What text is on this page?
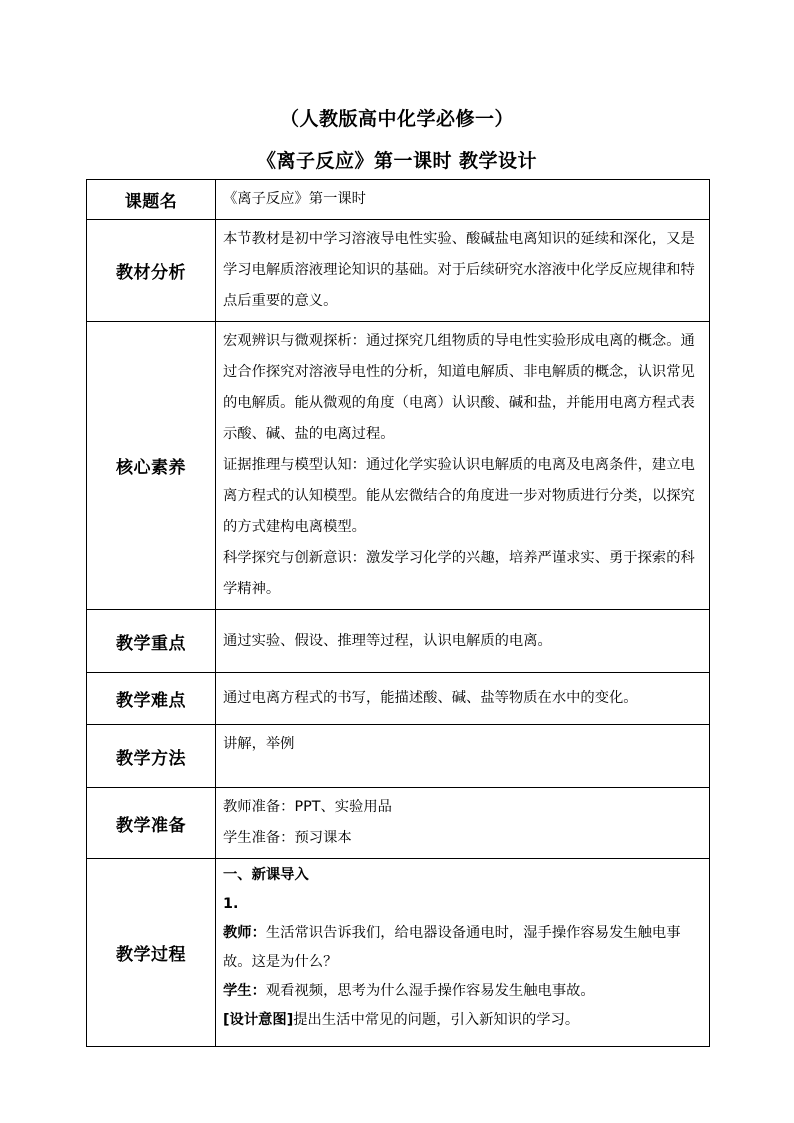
（人教版高中化学必修一）
《离子反应》第一课时 教学设计
课题名	《离子反应》第一课时

教材分析	本节教材是初中学习溶液导电性实验、酸碱盐电离知识的延续和深化，又是学习电解质溶液理论知识的基础。对于后续研究水溶液中化学反应规律和特点后重要的意义。

核心素养	宏观辨识与微观探析：通过探究几组物质的导电性实验形成电离的概念。通过合作探究对溶液导电性的分析，知道电解质、非电解质的概念，认识常见的电解质。能从微观的角度（电离）认识酸、碱和盐，并能用电离方程式表示酸、碱、盐的电离过程。

证据推理与模型认知：通过化学实验认识电解质的电离及电离条件，建立电离方程式的认知模型。能从宏微结合的角度进一步对物质进行分类，以探究的方式建构电离模型。

科学探究与创新意识：激发学习化学的兴趣，培养严谨求实、勇于探索的科学精神。

教学重点	通过实验、假设、推理等过程，认识电解质的电离。

教学难点	通过电离方程式的书写，能描述酸、碱、盐等物质在水中的变化。

教学方法	讲解，举例

教学准备	教师准备：PPT、实验用品

学生准备：预习课本

教学过程	一、新课导入

1.

教师：生活常识告诉我们，给电器设备通电时，湿手操作容易发生触电事故。这是为什么？

学生：观看视频，思考为什么湿手操作容易发生触电事故。

[设计意图]提出生活中常见的问题，引入新知识的学习。
